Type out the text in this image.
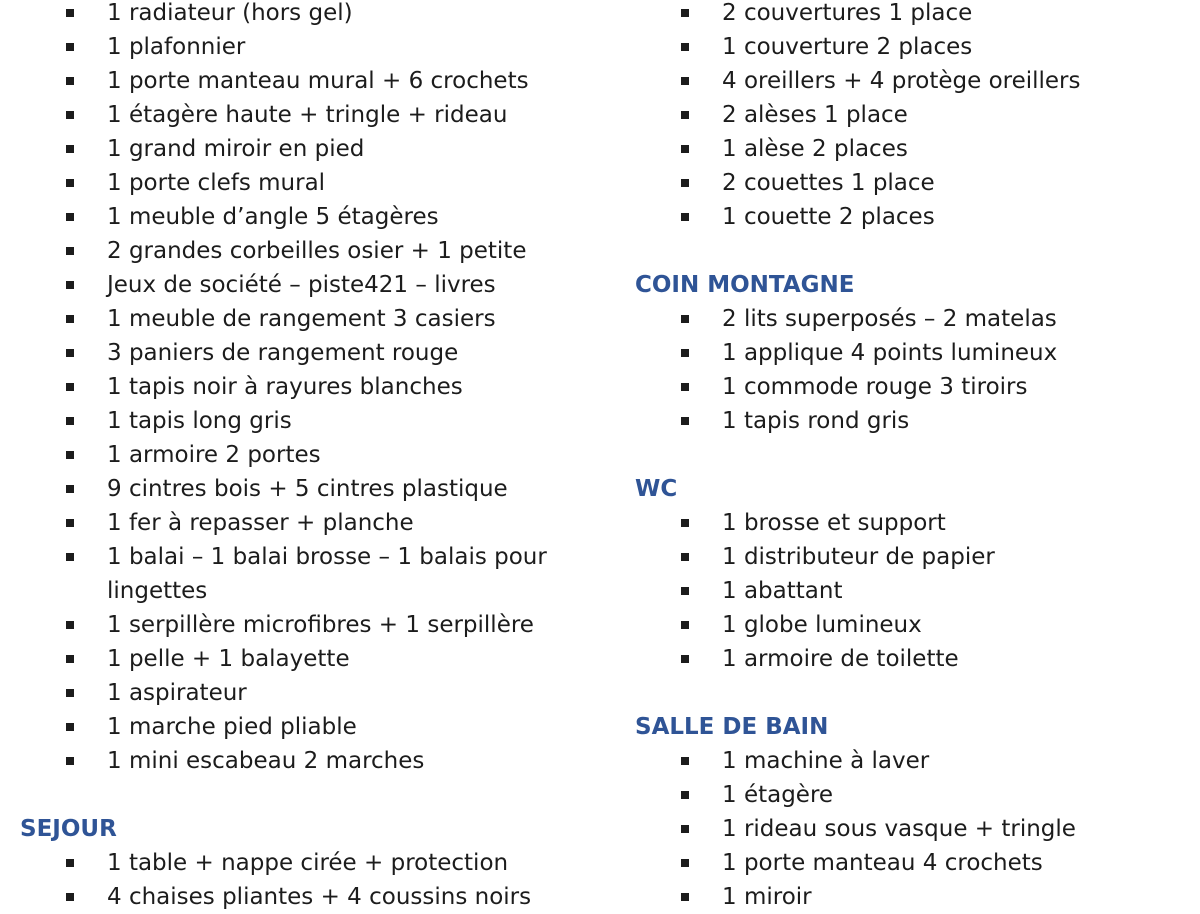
1 radiateur (hors gel)
1 plafonnier
1 porte manteau mural + 6 crochets
1 étagère haute + tringle + rideau
1 grand miroir en pied
1 porte clefs mural
1 meuble d’angle 5 étagères
2 grandes corbeilles osier + 1 petite
Jeux de société – piste421 – livres
1 meuble de rangement 3 casiers
3 paniers de rangement rouge
1 tapis noir à rayures blanches
1 tapis long gris
1 armoire 2 portes
9 cintres bois + 5 cintres plastique
1 fer à repasser + planche
1 balai – 1 balai brosse – 1 balais pour
lingettes
1 serpillère microfibres + 1 serpillère
1 pelle + 1 balayette
1 aspirateur
1 marche pied pliable
1 mini escabeau 2 marches
SEJOUR
1 table + nappe cirée + protection
4 chaises pliantes + 4 coussins noirs
2 couvertures 1 place
1 couverture 2 places
4 oreillers + 4 protège oreillers
2 alèses 1 place
1 alèse 2 places
2 couettes 1 place
1 couette 2 places
COIN MONTAGNE
2 lits superposés – 2 matelas
1 applique 4 points lumineux
1 commode rouge 3 tiroirs
1 tapis rond gris
WC
1 brosse et support
1 distributeur de papier
1 abattant
1 globe lumineux
1 armoire de toilette
SALLE DE BAIN
1 machine à laver
1 étagère
1 rideau sous vasque + tringle
1 porte manteau 4 crochets
1 miroir
